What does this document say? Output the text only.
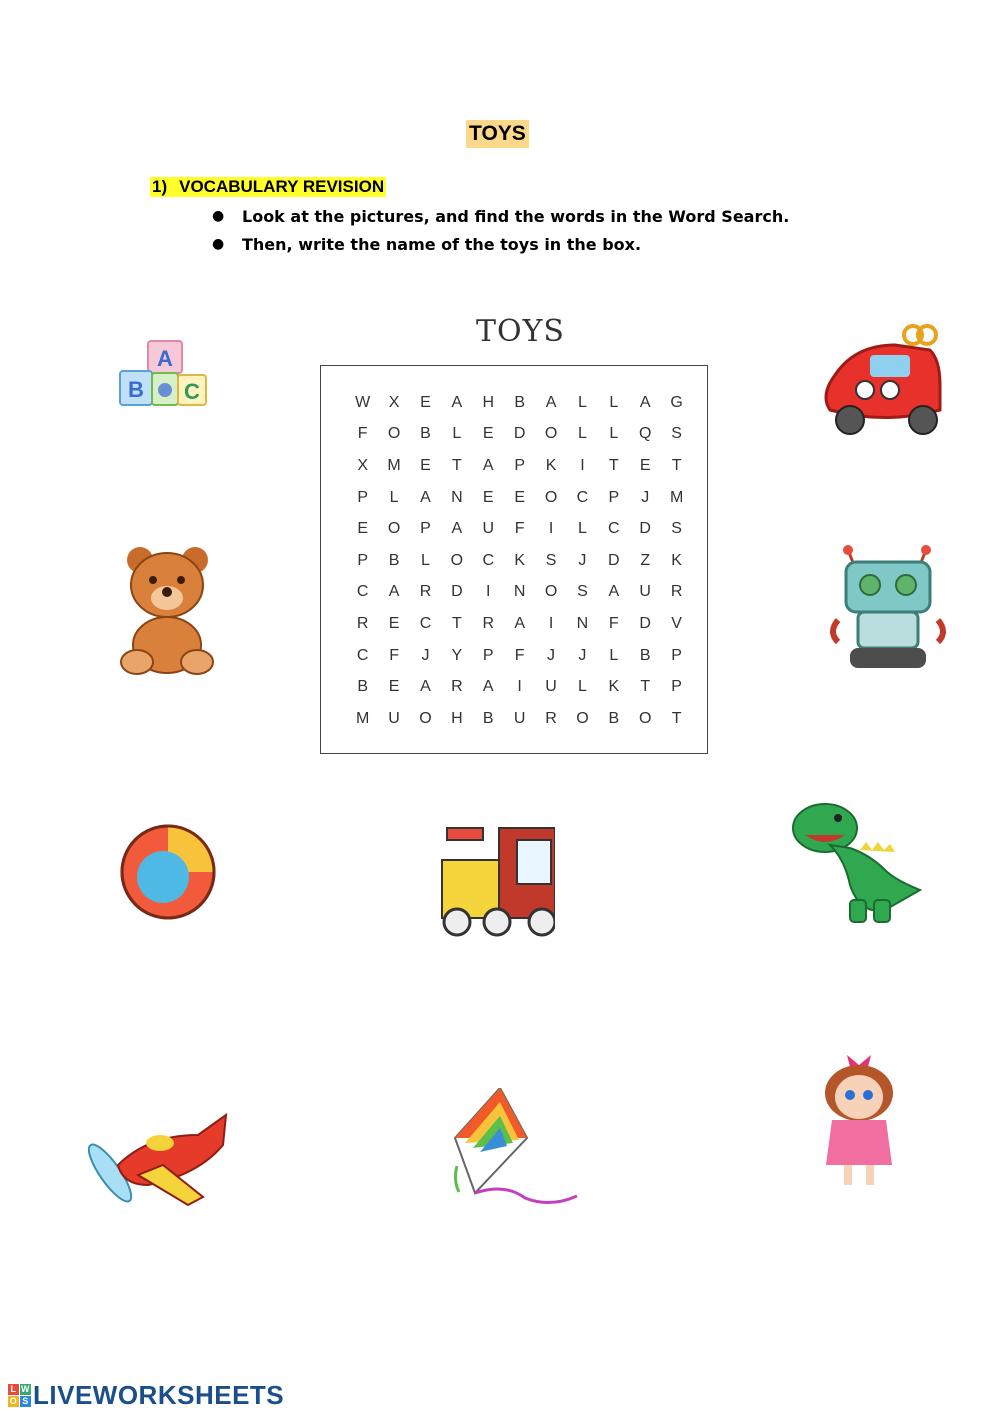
TOYS
1) VOCABULARY REVISION
●	Look at the pictures, and find the words in the Word Search.
●	Then, write the name of the toys in the box.
TOYS
W	X	E	A	H	B	A	L	L	A	G
F	O	B	L	E	D	O	L	L	Q	S
X	M	E	T	A	P	K	I	T	E	T
P	L	A	N	E	E	O	C	P	J	M
E	O	P	A	U	F	I	L	C	D	S
P	B	L	O	C	K	S	J	D	Z	K
C	A	R	D	I	N	O	S	A	U	R
R	E	C	T	R	A	I	N	F	D	V
C	F	J	Y	P	F	J	J	L	B	P
B	E	A	R	A	I	U	L	K	T	P
M	U	O	H	B	U	R	O	B	O	T
A
B C
L W
O S LIVEWORKSHEETS
